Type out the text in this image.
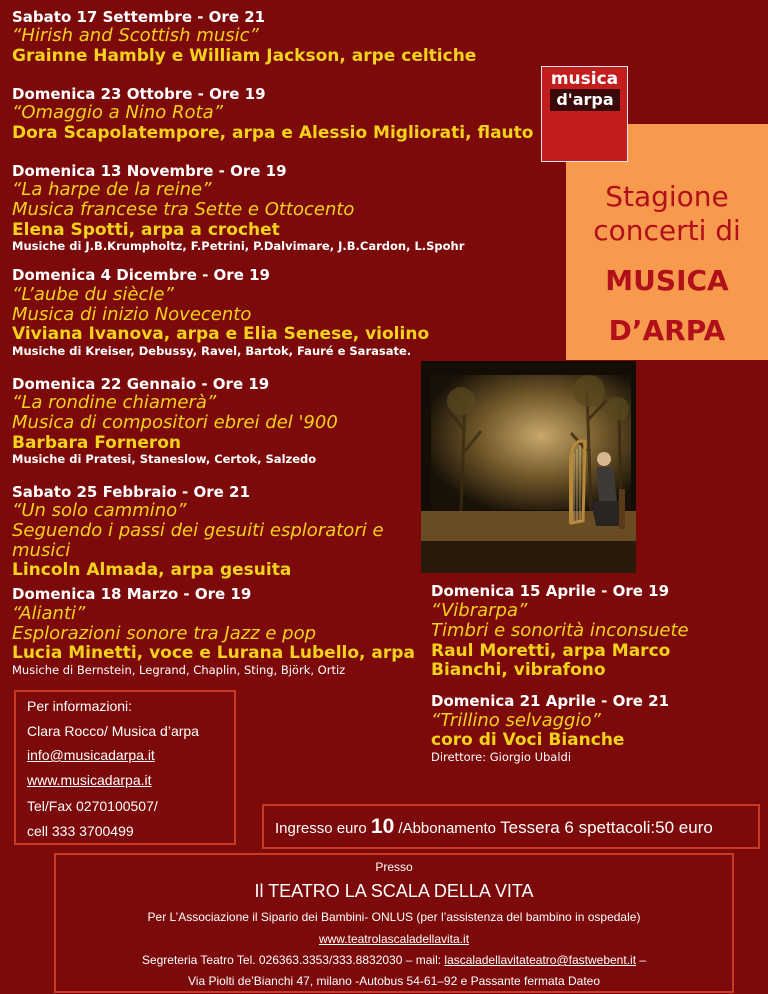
Sabato 17 Settembre - Ore 21
“Hirish and Scottish music”
Grainne Hambly e William Jackson, arpe celtiche
Domenica 23 Ottobre - Ore 19
“Omaggio a Nino Rota”
Dora Scapolatempore, arpa e Alessio Migliorati, flauto
Domenica 13 Novembre - Ore 19
“La harpe de la reine”
Musica francese tra Sette e Ottocento
Elena Spotti, arpa a crochet
Musiche di J.B.Krumpholtz, F.Petrini, P.Dalvimare, J.B.Cardon, L.Spohr
Domenica 4 Dicembre - Ore 19
“L’aube du siècle”
Musica di inizio Novecento
Viviana Ivanova, arpa e Elia Senese, violino
Musiche di Kreiser, Debussy, Ravel, Bartok, Fauré e Sarasate.
Domenica 22 Gennaio - Ore 19
“La rondine chiamerà”
Musica di compositori ebrei del '900
Barbara Forneron
Musiche di Pratesi, Staneslow, Certok, Salzedo
Sabato 25 Febbraio - Ore 21
“Un solo cammino”
Seguendo i passi dei gesuiti esploratori e
musici
Lincoln Almada, arpa gesuita
Domenica 18 Marzo - Ore 19
“Alianti”
Esplorazioni sonore tra Jazz e pop
Lucia Minetti, voce e Lurana Lubello, arpa
Musiche di Bernstein, Legrand, Chaplin, Sting, Björk, Ortiz
Domenica 15 Aprile - Ore 19
“Vibrarpa”
Timbri e sonorità inconsuete
Raul Moretti, arpa Marco
Bianchi, vibrafono
Domenica 21 Aprile - Ore 21
“Trillino selvaggio”
coro di Voci Bianche
Direttore: Giorgio Ubaldi
Stagione
concerti di
MUSICA
D’ARPA
musica
d'arpa
Per informazioni:
Clara Rocco/ Musica d’arpa
info@musicadarpa.it
www.musicadarpa.it
Tel/Fax 0270100507/
cell 333 3700499	Ingresso euro 10 /Abbonamento Tessera 6 spettacoli:50 euro
Presso
Il TEATRO LA SCALA DELLA VITA
Per L’Associazione il Sipario dei Bambini- ONLUS (per l’assistenza del bambino in ospedale)
www.teatrolascaladellavita.it
Segreteria Teatro Tel. 026363.3353/333.8832030 – mail: lascaladellavitateatro@fastwebent.it –
Via Piolti de’Bianchi 47, milano -Autobus 54-61–92 e Passante fermata Dateo
